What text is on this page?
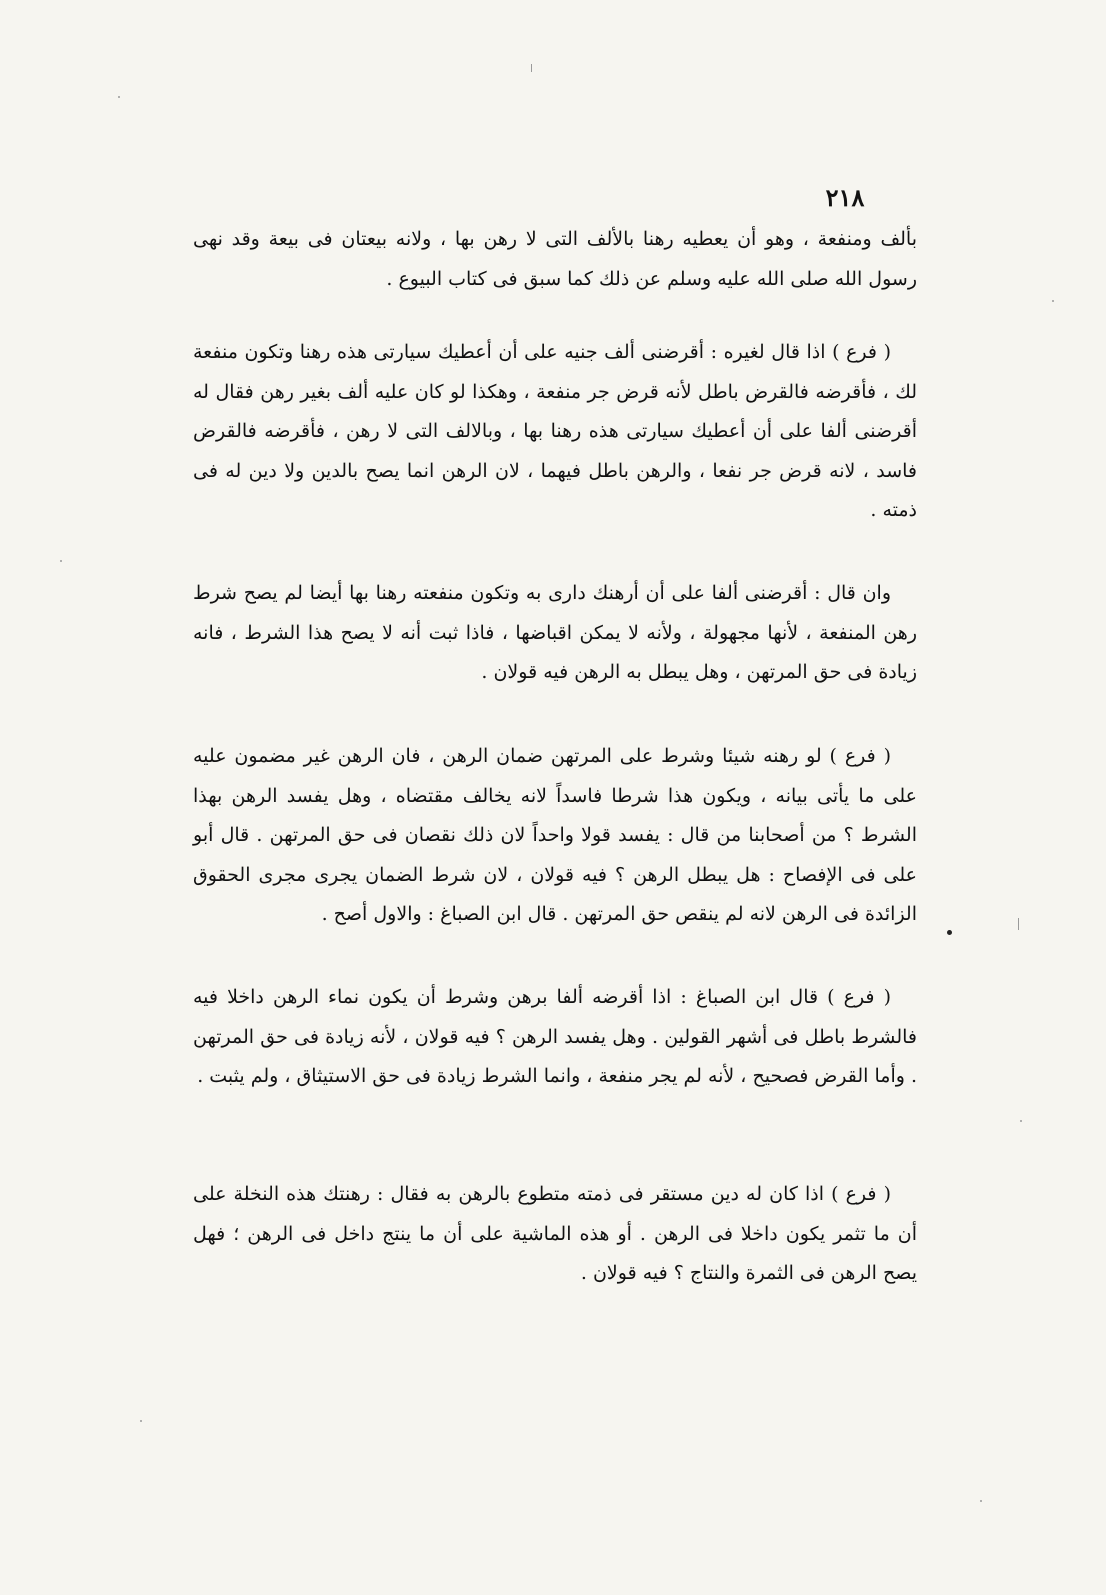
٢١٨

بألف ومنفعة ، وهو أن يعطيه رهنا بالألف التى لا رهن بها ، ولانه بيعتان فى بيعة وقد نهى رسول الله صلى الله عليه وسلم عن ذلك كما سبق فى كتاب البيوع .

( فرع ) اذا قال لغيره : أقرضنى ألف جنيه على أن أعطيك سيارتى هذه رهنا وتكون منفعة لك ، فأقرضه فالقرض باطل لأنه قرض جر منفعة ، وهكذا لو كان عليه ألف بغير رهن فقال له أقرضنى ألفا على أن أعطيك سيارتى هذه رهنا بها ، وبالالف التى لا رهن ، فأقرضه فالقرض فاسد ، لانه قرض جر نفعا ، والرهن باطل فيهما ، لان الرهن انما يصح بالدين ولا دين له فى ذمته .

وان قال : أقرضنى ألفا على أن أرهنك دارى به وتكون منفعته رهنا بها أيضا لم يصح شرط رهن المنفعة ، لأنها مجهولة ، ولأنه لا يمكن اقباضها ، فاذا ثبت أنه لا يصح هذا الشرط ، فانه زيادة فى حق المرتهن ، وهل يبطل به الرهن فيه قولان .

( فرع ) لو رهنه شيئا وشرط على المرتهن ضمان الرهن ، فان الرهن غير مضمون عليه على ما يأتى بيانه ، ويكون هذا شرطا فاسداً لانه يخالف مقتضاه ، وهل يفسد الرهن بهذا الشرط ؟ من أصحابنا من قال : يفسد قولا واحداً لان ذلك نقصان فى حق المرتهن . قال أبو على فى الإفصاح : هل يبطل الرهن ؟ فيه قولان ، لان شرط الضمان يجرى مجرى الحقوق الزائدة فى الرهن لانه لم ينقص حق المرتهن . قال ابن الصباغ : والاول أصح .

( فرع ) قال ابن الصباغ : اذا أقرضه ألفا برهن وشرط أن يكون نماء الرهن داخلا فيه فالشرط باطل فى أشهر القولين . وهل يفسد الرهن ؟ فيه قولان ، لأنه زيادة فى حق المرتهن . وأما القرض فصحيح ، لأنه لم يجر منفعة ، وانما الشرط زيادة فى حق الاستيثاق ، ولم يثبت .

( فرع ) اذا كان له دين مستقر فى ذمته متطوع بالرهن به فقال : رهنتك هذه النخلة على أن ما تثمر يكون داخلا فى الرهن . أو هذه الماشية على أن ما ينتج داخل فى الرهن ؛ فهل يصح الرهن فى الثمرة والنتاج ؟ فيه قولان .
